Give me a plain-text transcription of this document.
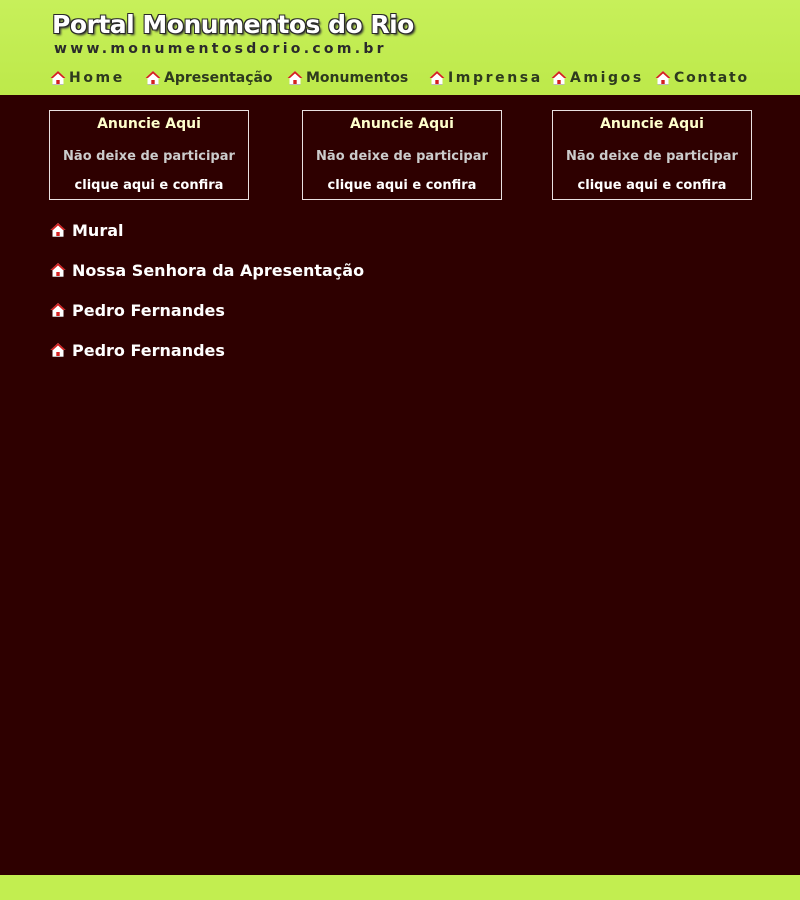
Portal Monumentos do Rio
www.monumentosdorio.com.br
Home	Apresentação Monumentos	Imprensa Amigos Contato
Anuncie Aqui
Não deixe de participar
clique aqui e confira
Anuncie Aqui
Não deixe de participar
clique aqui e confira
Anuncie Aqui
Não deixe de participar
clique aqui e confira
Mural
Nossa Senhora da Apresentação
Pedro Fernandes
Pedro Fernandes
